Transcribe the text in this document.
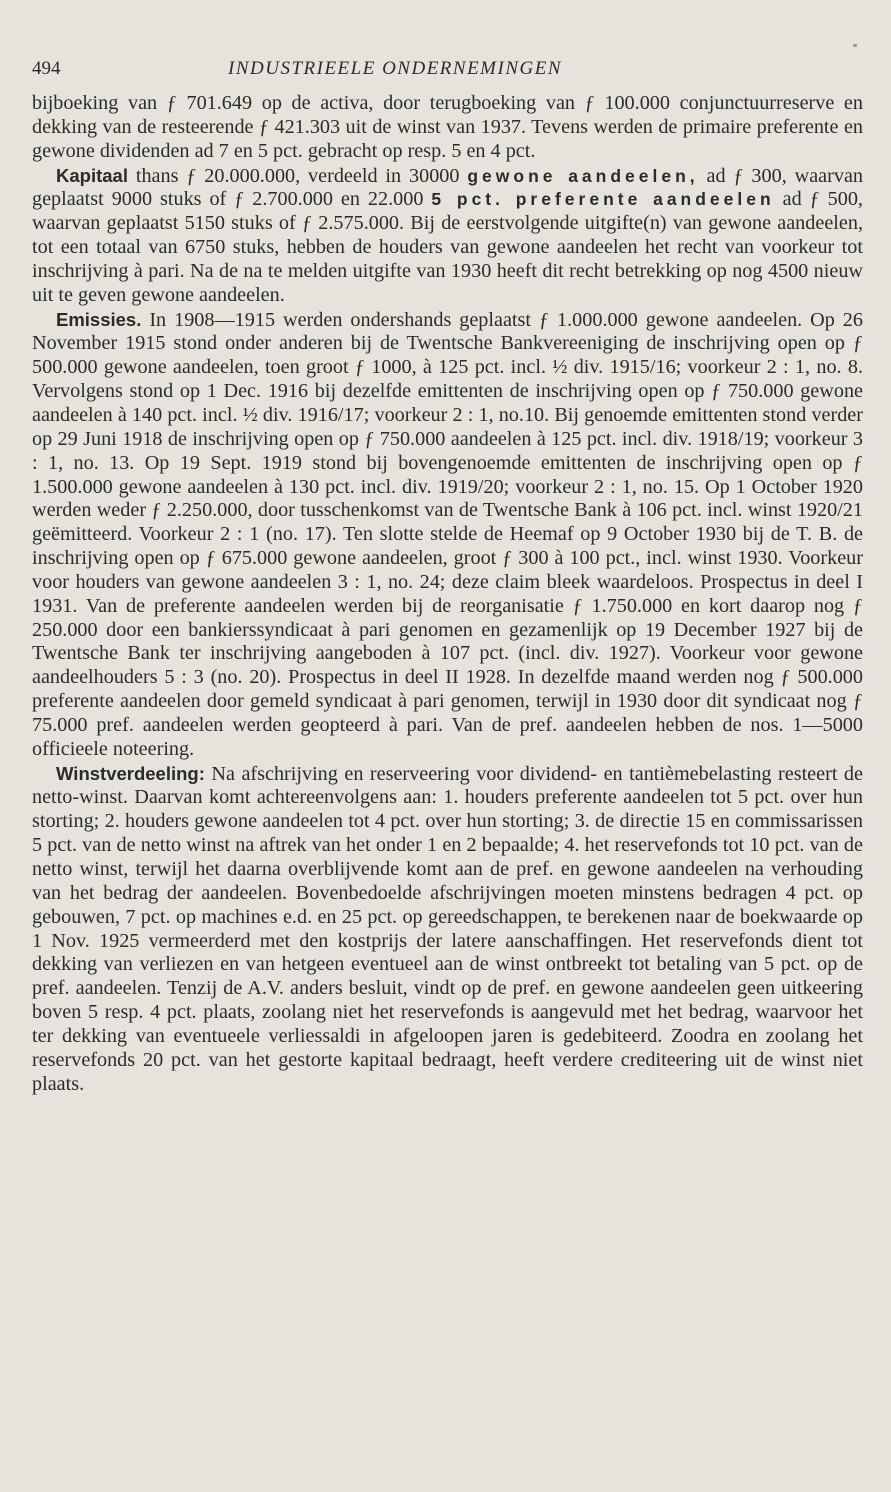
494	INDUSTRIEELE ONDERNEMINGEN

bijboeking van ƒ 701.649 op de activa, door terugboeking van ƒ 100.000 conjunctuurreserve en dekking van de resteerende ƒ 421.303 uit de winst van 1937. Tevens werden de primaire preferente en gewone dividenden ad 7 en 5 pct. gebracht op resp. 5 en 4 pct.

Kapitaal thans ƒ 20.000.000, verdeeld in 30000 gewone aandeelen, ad ƒ 300, waarvan geplaatst 9000 stuks of ƒ 2.700.000 en 22.000 5 pct. preferente aandeelen ad ƒ 500, waarvan geplaatst 5150 stuks of ƒ 2.575.000. Bij de eerstvolgende uitgifte(n) van gewone aandeelen, tot een totaal van 6750 stuks, hebben de houders van gewone aandeelen het recht van voorkeur tot inschrijving à pari. Na de na te melden uitgifte van 1930 heeft dit recht betrekking op nog 4500 nieuw uit te geven gewone aandeelen.

Emissies. In 1908—1915 werden ondershands geplaatst ƒ 1.000.000 gewone aandeelen. Op 26 November 1915 stond onder anderen bij de Twentsche Bankvereeniging de inschrijving open op ƒ 500.000 gewone aandeelen, toen groot ƒ 1000, à 125 pct. incl. ½ div. 1915/16; voorkeur 2 : 1, no. 8. Vervolgens stond op 1 Dec. 1916 bij dezelfde emittenten de inschrijving open op ƒ 750.000 gewone aandeelen à 140 pct. incl. ½ div. 1916/17; voorkeur 2 : 1, no.10. Bij genoemde emittenten stond verder op 29 Juni 1918 de inschrijving open op ƒ 750.000 aandeelen à 125 pct. incl. div. 1918/19; voorkeur 3 : 1, no. 13. Op 19 Sept. 1919 stond bij bovengenoemde emittenten de inschrijving open op ƒ 1.500.000 gewone aandeelen à 130 pct. incl. div. 1919/20; voorkeur 2 : 1, no. 15. Op 1 October 1920 werden weder ƒ 2.250.000, door tusschenkomst van de Twentsche Bank à 106 pct. incl. winst 1920/21 geëmitteerd. Voorkeur 2 : 1 (no. 17). Ten slotte stelde de Heemaf op 9 October 1930 bij de T. B. de inschrijving open op ƒ 675.000 gewone aandeelen, groot ƒ 300 à 100 pct., incl. winst 1930. Voorkeur voor houders van gewone aandeelen 3 : 1, no. 24; deze claim bleek waardeloos. Prospectus in deel I 1931. Van de preferente aandeelen werden bij de reorganisatie ƒ 1.750.000 en kort daarop nog ƒ 250.000 door een bankierssyndicaat à pari genomen en gezamenlijk op 19 December 1927 bij de Twentsche Bank ter inschrijving aangeboden à 107 pct. (incl. div. 1927). Voorkeur voor gewone aandeelhouders 5 : 3 (no. 20). Prospectus in deel II 1928. In dezelfde maand werden nog ƒ 500.000 preferente aandeelen door gemeld syndicaat à pari genomen, terwijl in 1930 door dit syndicaat nog ƒ 75.000 pref. aandeelen werden geopteerd à pari. Van de pref. aandeelen hebben de nos. 1—5000 officieele noteering.

Winstverdeeling: Na afschrijving en reserveering voor dividend- en tantièmebelasting resteert de netto-winst. Daarvan komt achtereenvolgens aan: 1. houders preferente aandeelen tot 5 pct. over hun storting; 2. houders gewone aandeelen tot 4 pct. over hun storting; 3. de directie 15 en commissarissen 5 pct. van de netto winst na aftrek van het onder 1 en 2 bepaalde; 4. het reservefonds tot 10 pct. van de netto winst, terwijl het daarna overblijvende komt aan de pref. en gewone aandeelen na verhouding van het bedrag der aandeelen. Bovenbedoelde afschrijvingen moeten minstens bedragen 4 pct. op gebouwen, 7 pct. op machines e.d. en 25 pct. op gereedschappen, te berekenen naar de boekwaarde op 1 Nov. 1925 vermeerderd met den kostprijs der latere aanschaffingen. Het reservefonds dient tot dekking van verliezen en van hetgeen eventueel aan de winst ontbreekt tot betaling van 5 pct. op de pref. aandeelen. Tenzij de A.V. anders besluit, vindt op de pref. en gewone aandeelen geen uitkeering boven 5 resp. 4 pct. plaats, zoolang niet het reservefonds is aangevuld met het bedrag, waarvoor het ter dekking van eventueele verliessaldi in afgeloopen jaren is gedebiteerd. Zoodra en zoolang het reservefonds 20 pct. van het gestorte kapitaal bedraagt, heeft verdere crediteering uit de winst niet plaats.
